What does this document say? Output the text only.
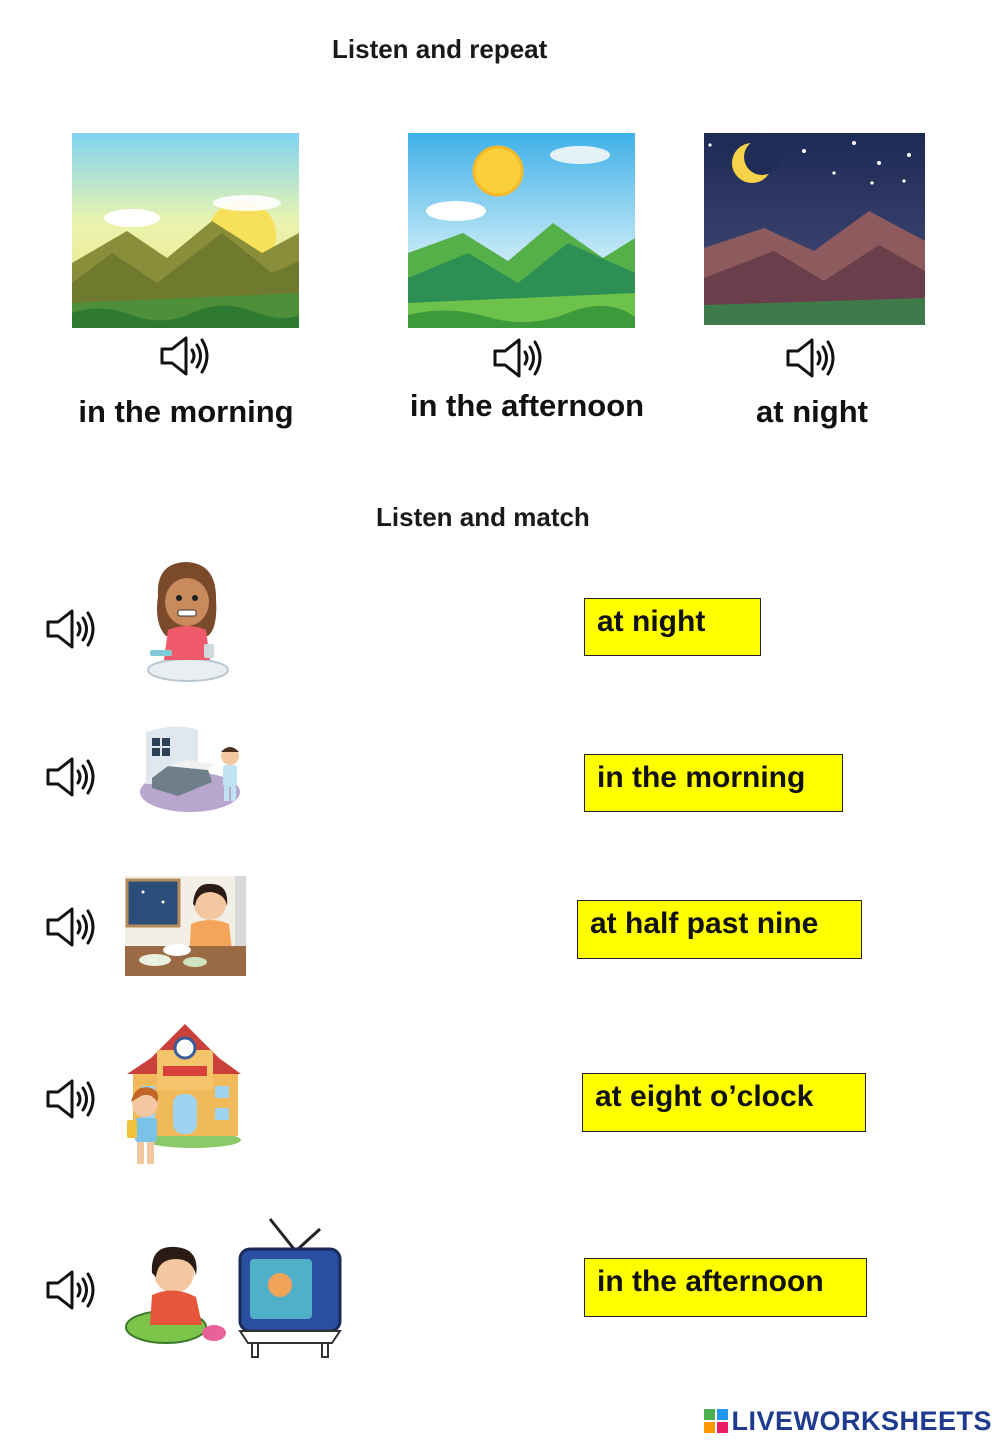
Listen and repeat
in the morning	in the afternoon	at night
Listen and match
at night
in the morning
at half past nine
at eight o’clock
in the afternoon
LIVEWORKSHEETS
